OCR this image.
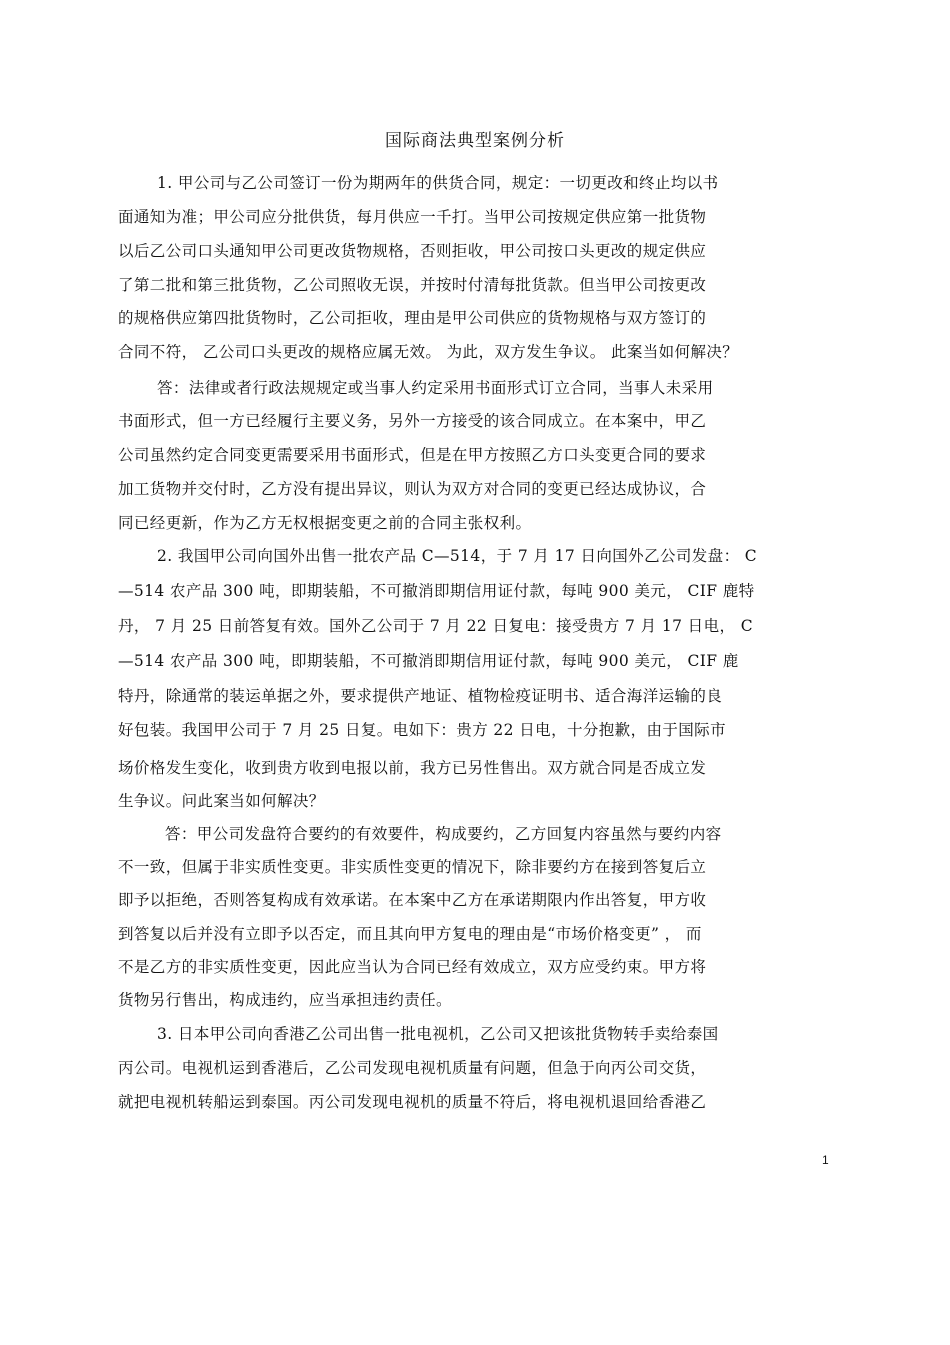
国际商法典型案例分析
1. 甲公司与乙公司签订一份为期两年的供货合同，规定：一切更改和终止均以书
面通知为准；甲公司应分批供货，每月供应一千打。当甲公司按规定供应第一批货物
以后乙公司口头通知甲公司更改货物规格，否则拒收，甲公司按口头更改的规定供应
了第二批和第三批货物，乙公司照收无误，并按时付清每批货款。但当甲公司按更改
的规格供应第四批货物时，乙公司拒收，理由是甲公司供应的货物规格与双方签订的
合同不符， 乙公司口头更改的规格应属无效。 为此，双方发生争议。 此案当如何解决？
答：法律或者行政法规规定或当事人约定采用书面形式订立合同，当事人未采用
书面形式，但一方已经履行主要义务，另外一方接受的该合同成立。在本案中，甲乙
公司虽然约定合同变更需要采用书面形式，但是在甲方按照乙方口头变更合同的要求
加工货物并交付时，乙方没有提出异议，则认为双方对合同的变更已经达成协议，合
同已经更新，作为乙方无权根据变更之前的合同主张权利。
2. 我国甲公司向国外出售一批农产品 C—514，于 7 月 17 日向国外乙公司发盘： C
—514 农产品 300 吨，即期装船，不可撤消即期信用证付款，每吨 900 美元， CIF 鹿特
丹， 7 月 25 日前答复有效。国外乙公司于 7 月 22 日复电：接受贵方 7 月 17 日电， C
—514 农产品 300 吨，即期装船，不可撤消即期信用证付款，每吨 900 美元， CIF 鹿
特丹，除通常的装运单据之外，要求提供产地证、植物检疫证明书、适合海洋运输的良
好包装。我国甲公司于 7 月 25 日复。电如下：贵方 22 日电，十分抱歉，由于国际市
场价格发生变化，收到贵方收到电报以前，我方已另性售出。双方就合同是否成立发
生争议。问此案当如何解决？
答：甲公司发盘符合要约的有效要件，构成要约，乙方回复内容虽然与要约内容
不一致，但属于非实质性变更。非实质性变更的情况下，除非要约方在接到答复后立
即予以拒绝，否则答复构成有效承诺。在本案中乙方在承诺期限内作出答复，甲方收
到答复以后并没有立即予以否定，而且其向甲方复电的理由是“市场价格变更” ， 而
不是乙方的非实质性变更，因此应当认为合同已经有效成立，双方应受约束。甲方将
货物另行售出，构成违约，应当承担违约责任。
3. 日本甲公司向香港乙公司出售一批电视机，乙公司又把该批货物转手卖给泰国
丙公司。电视机运到香港后，乙公司发现电视机质量有问题，但急于向丙公司交货，
就把电视机转船运到泰国。丙公司发现电视机的质量不符后，将电视机退回给香港乙
1
